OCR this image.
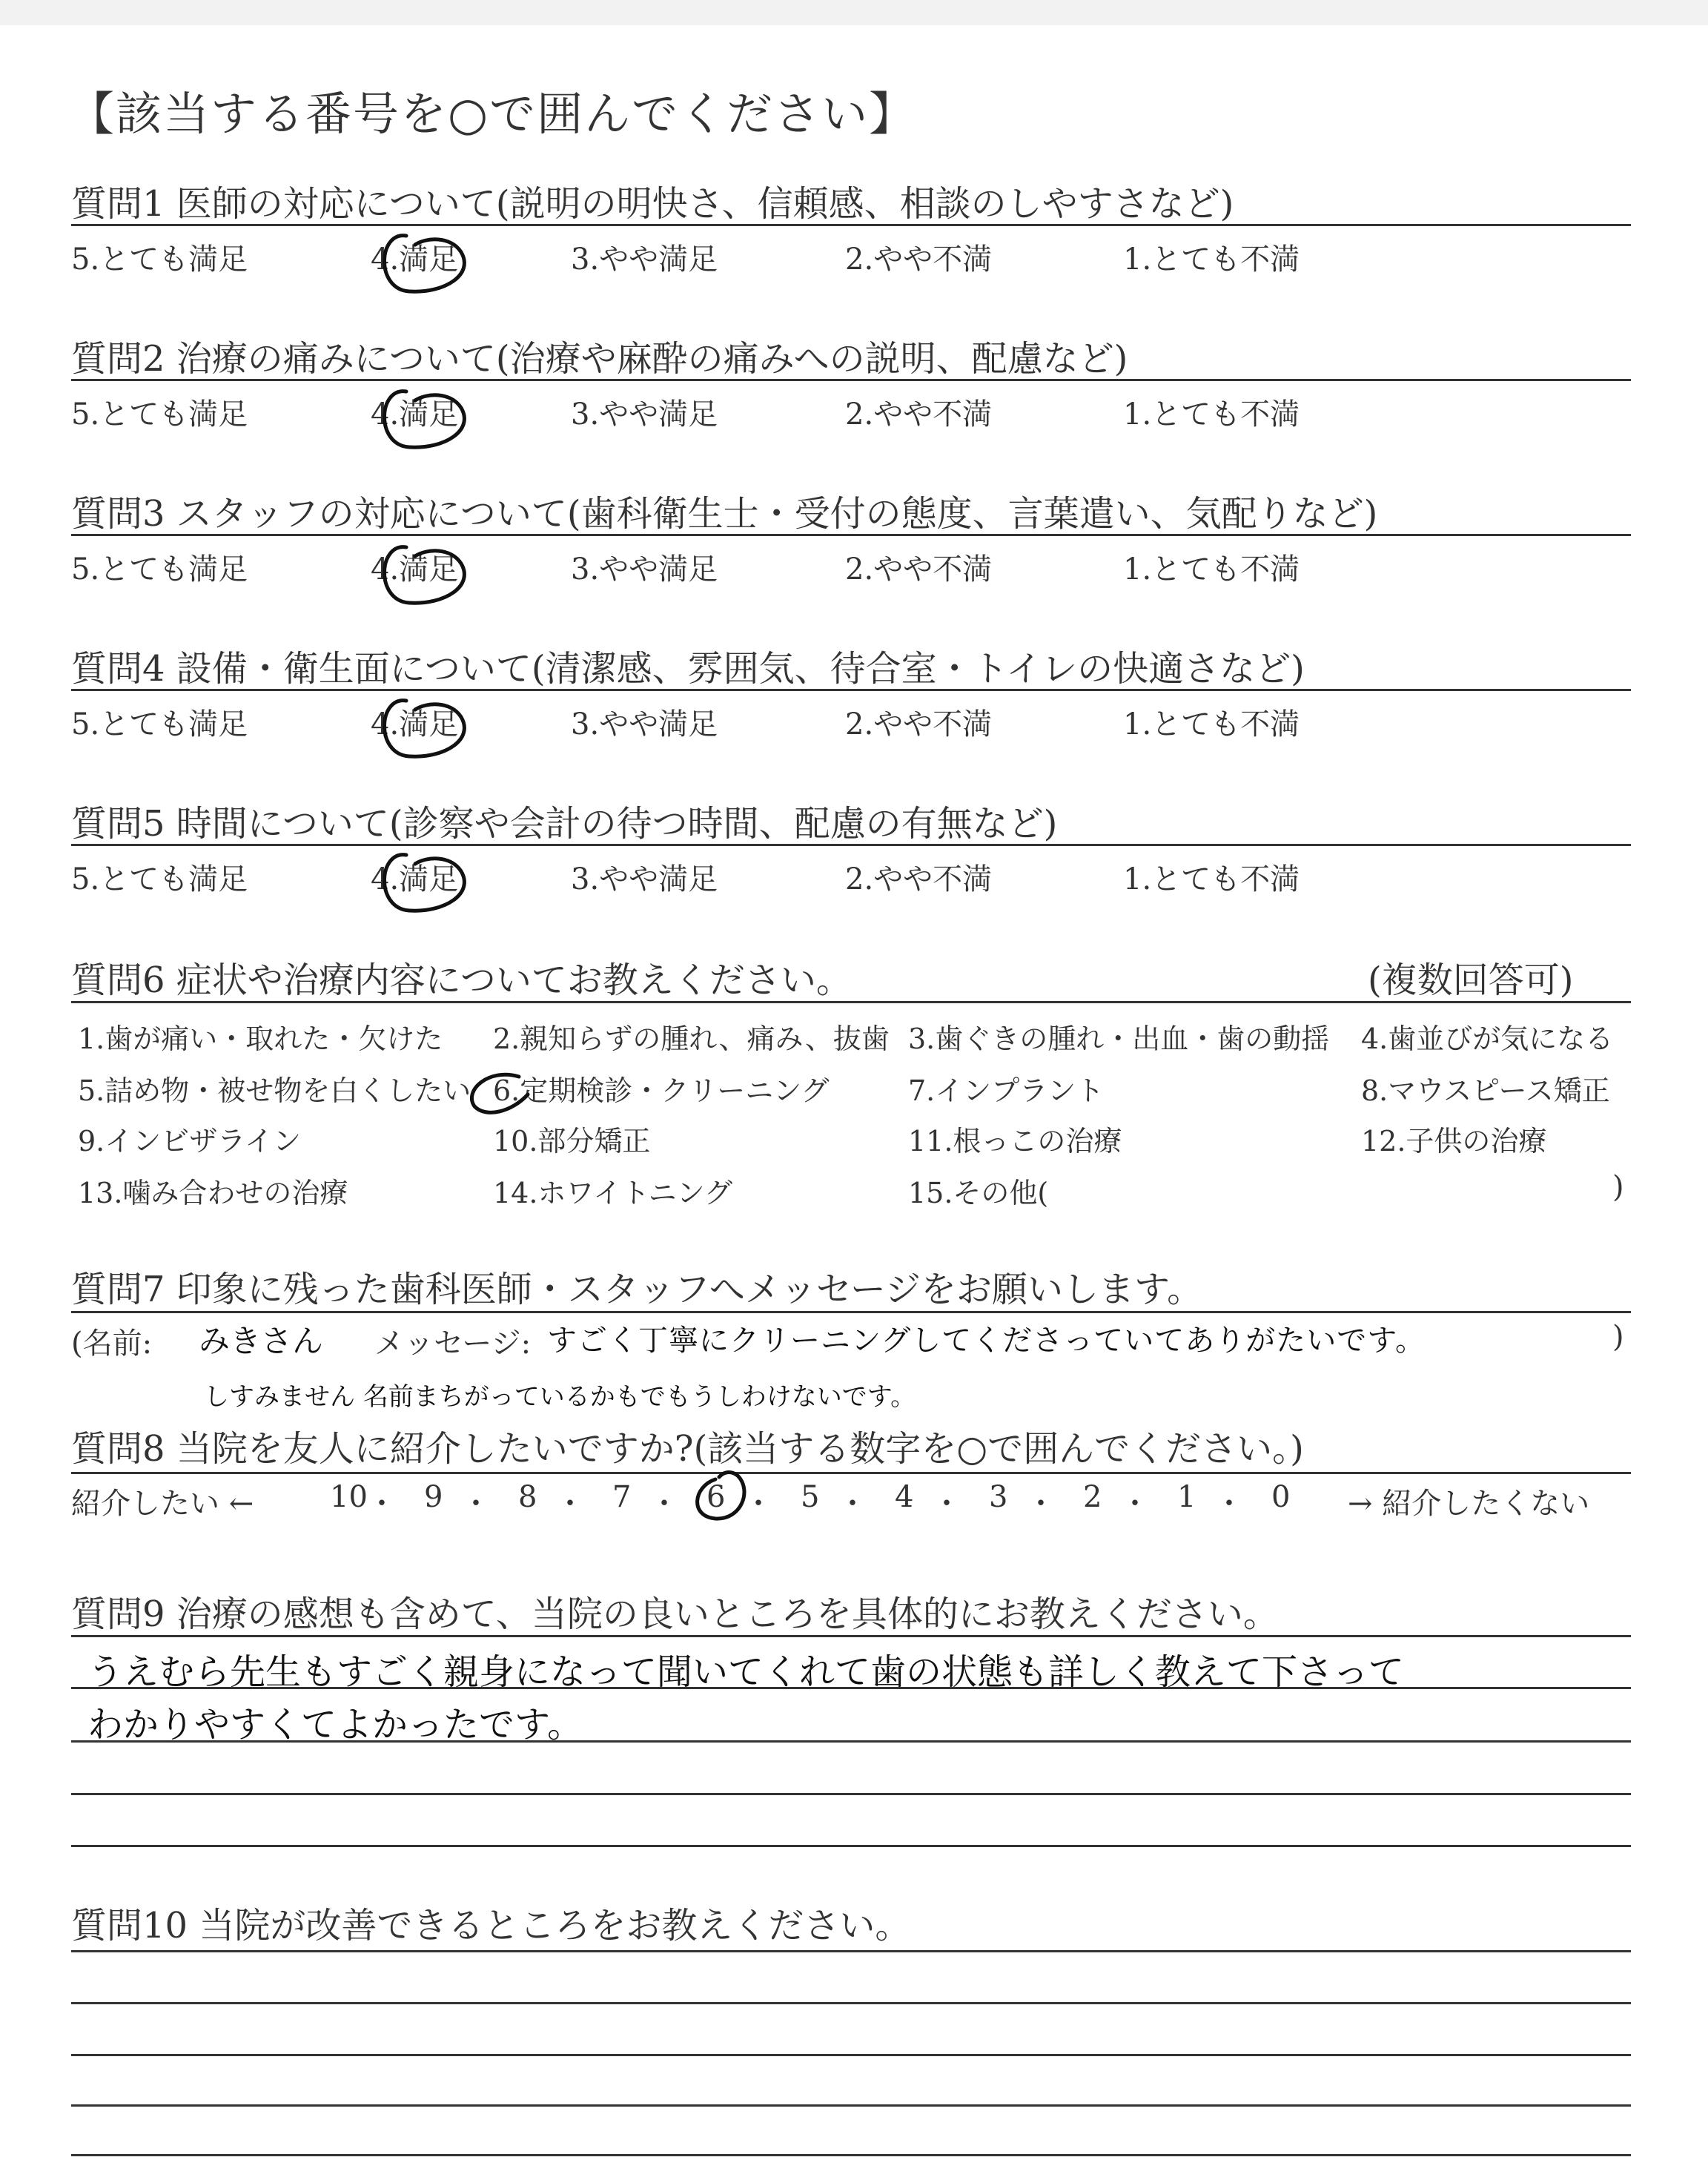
【該当する番号を○で囲んでください】
質問1 医師の対応について(説明の明快さ、信頼感、相談のしやすさなど)
5.とても満足	4.満足	3.やや満足	2.やや不満	1.とても不満
質問2 治療の痛みについて(治療や麻酔の痛みへの説明、配慮など)
5.とても満足	4.満足	3.やや満足	2.やや不満	1.とても不満
質問3 スタッフの対応について(歯科衛生士・受付の態度、言葉遣い、気配りなど)
5.とても満足	4.満足	3.やや満足	2.やや不満	1.とても不満
質問4 設備・衛生面について(清潔感、雰囲気、待合室・トイレの快適さなど)
5.とても満足	4.満足	3.やや満足	2.やや不満	1.とても不満
質問5 時間について(診察や会計の待つ時間、配慮の有無など)
5.とても満足	4.満足	3.やや満足	2.やや不満	1.とても不満
質問6 症状や治療内容についてお教えください。	(複数回答可)
1.歯が痛い・取れた・欠けた 2.親知らずの腫れ、痛み、抜歯 3.歯ぐきの腫れ・出血・歯の動揺 4.歯並びが気になる
5.詰め物・被せ物を白くしたい 6.定期検診・クリーニング	7.インプラント	8.マウスピース矯正
9.インビザライン	10.部分矯正	11.根っこの治療	12.子供の治療
13.噛み合わせの治療	14.ホワイトニング	15.その他(	)
質問7 印象に残った歯科医師・スタッフへメッセージをお願いします。
(名前: みきさん メッセージ: すごく丁寧にクリーニングしてくださっていてありがたいです。	)
しすみません 名前まちがっているかもでもうしわけないです。
質問8 当院を友人に紹介したいですか?(該当する数字を○で囲んでください。)
紹介したい ←	→ 紹介したくない
10 ・ 9 ・ 8 ・ 7 ・ 6 ・ 5 ・ 4 ・ 3 ・ 2 ・ 1 ・ 0
質問9 治療の感想も含めて、当院の良いところを具体的にお教えください。
うえむら先生もすごく親身になって聞いてくれて歯の状態も詳しく教えて下さって
わかりやすくてよかったです。
質問10 当院が改善できるところをお教えください。
